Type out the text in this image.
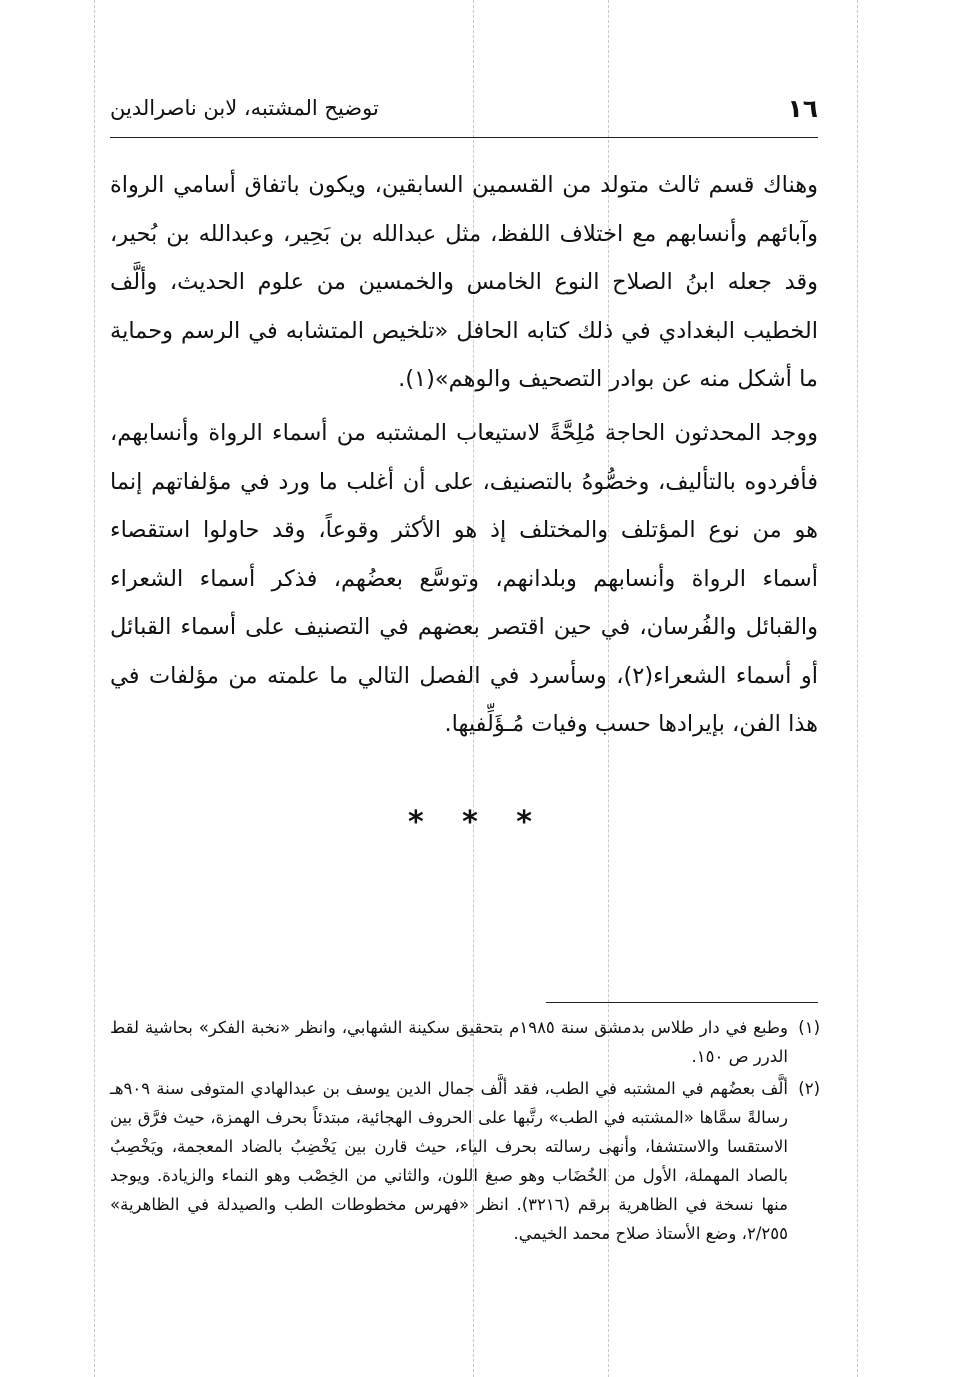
١٦
توضيح المشتبه، لابن ناصرالدين

وهناك قسم ثالث متولد من القسمين السابقين، ويكون باتفاق أسامي الرواة وآبائهم وأنسابهم مع اختلاف اللفظ، مثل عبدالله بن بَحِير، وعبدالله بن بُحير، وقد جعله ابنُ الصلاح النوع الخامس والخمسين من علوم الحديث، وألَّف الخطيب البغدادي في ذلك كتابه الحافل «تلخيص المتشابه في الرسم وحماية ما أشكل منه عن بوادر التصحيف والوهم»(١).

ووجد المحدثون الحاجة مُلِحَّةً لاستيعاب المشتبه من أسماء الرواة وأنسابهم، فأفردوه بالتأليف، وخصُّوهُ بالتصنيف، على أن أغلب ما ورد في مؤلفاتهم إنما هو من نوع المؤتلف والمختلف إذ هو الأكثر وقوعاً، وقد حاولوا استقصاء أسماء الرواة وأنسابهم وبلدانهم، وتوسَّع بعضُهم، فذكر أسماء الشعراء والقبائل والفُرسان، في حين اقتصر بعضهم في التصنيف على أسماء القبائل أو أسماء الشعراء(٢)، وسأسرد في الفصل التالي ما علمته من مؤلفات في هذا الفن، بإيرادها حسب وفيات مُـؤَلِّفيها.

* * *
(١)
وطبع في دار طلاس بدمشق سنة ١٩٨٥م بتحقيق سكينة الشهابي، وانظر «نخبة الفكر» بحاشية لقط الدرر ص ١٥٠.
(٢)
ألَّف بعضُهم في المشتبه في الطب، فقد ألَّف جمال الدين يوسف بن عبدالهادي المتوفى سنة ٩٠٩هـ رسالةً سمَّاها «المشتبه في الطب» رتَّبها على الحروف الهجائية، مبتدئاً بحرف الهمزة، حيث فرَّق بين الاستقسا والاستشفا، وأنهى رسالته بحرف الياء، حيث قارن بين يَخْضِبُ بالضاد المعجمة، ويَخْصِبُ بالصاد المهملة، الأول من الخُضَاب وهو صبغ اللون، والثاني من الخِصْب وهو النماء والزيادة. ويوجد منها نسخة في الظاهرية برقم (٣٢١٦). انظر «فهرس مخطوطات الطب والصيدلة في الظاهرية» ٢/٢٥٥، وضع الأستاذ صلاح محمد الخيمي.
